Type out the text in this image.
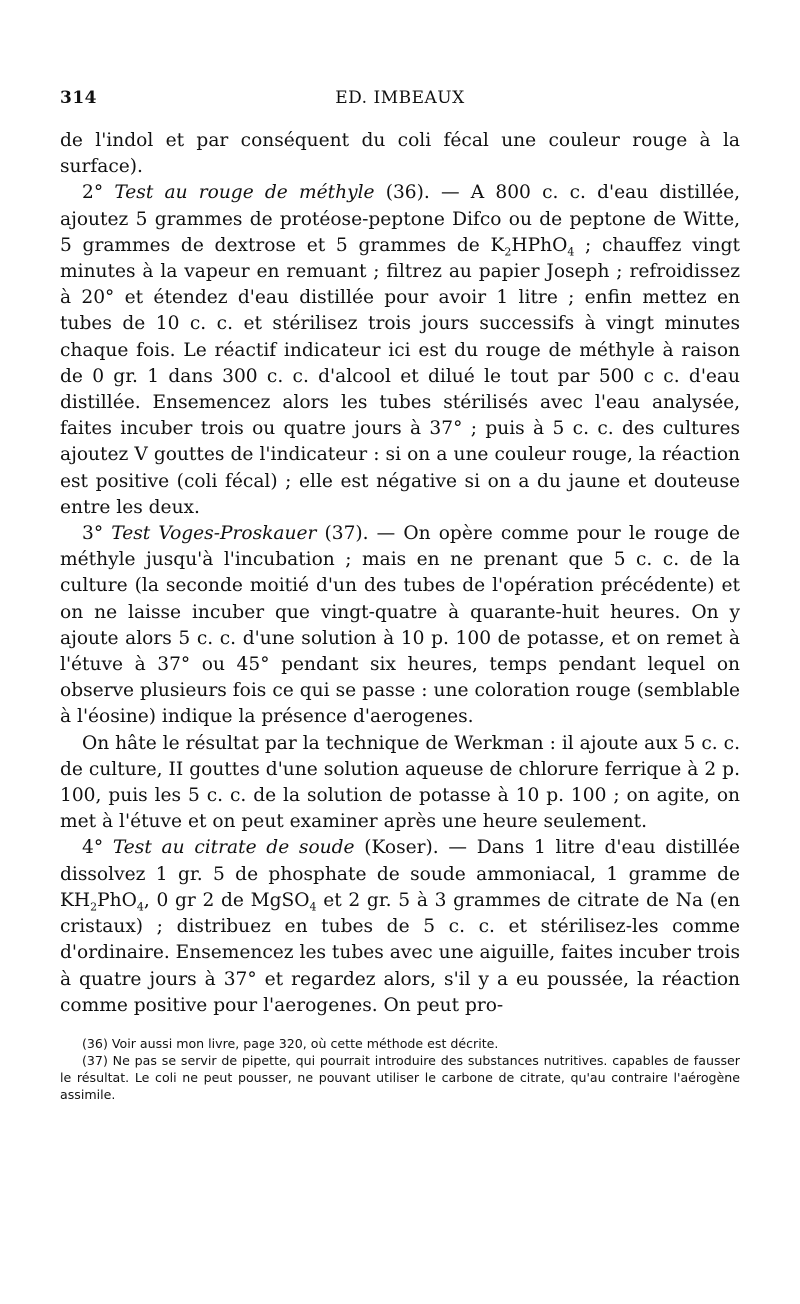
314	ED. IMBEAUX

de l'indol et par conséquent du coli fécal une couleur rouge à la surface).

2° Test au rouge de méthyle (36). — A 800 c. c. d'eau distillée, ajoutez 5 grammes de protéose-peptone Difco ou de peptone de Witte, 5 grammes de dextrose et 5 grammes de $K_2HPhO_4$ ; chauffez vingt minutes à la vapeur en remuant ; filtrez au papier Joseph ; refroidissez à 20° et étendez d'eau distillée pour avoir 1 litre ; enfin mettez en tubes de 10 c. c. et stérilisez trois jours successifs à vingt minutes chaque fois. Le réactif indicateur ici est du rouge de méthyle à raison de 0 gr. 1 dans 300 c. c. d'alcool et dilué le tout par 500 c c. d'eau distillée. Ensemencez alors les tubes stérilisés avec l'eau analysée, faites incuber trois ou quatre jours à 37° ; puis à 5 c. c. des cultures ajoutez V gouttes de l'indicateur : si on a une couleur rouge, la réaction est positive (coli fécal) ; elle est négative si on a du jaune et douteuse entre les deux.

3° Test Voges-Proskauer (37). — On opère comme pour le rouge de méthyle jusqu'à l'incubation ; mais en ne prenant que 5 c. c. de la culture (la seconde moitié d'un des tubes de l'opération précédente) et on ne laisse incuber que vingt-quatre à quarante-huit heures. On y ajoute alors 5 c. c. d'une solution à 10 p. 100 de potasse, et on remet à l'étuve à 37° ou 45° pendant six heures, temps pendant lequel on observe plusieurs fois ce qui se passe : une coloration rouge (semblable à l'éosine) indique la présence d'aerogenes.

On hâte le résultat par la technique de Werkman : il ajoute aux 5 c. c. de culture, II gouttes d'une solution aqueuse de chlorure ferrique à 2 p. 100, puis les 5 c. c. de la solution de potasse à 10 p. 100 ; on agite, on met à l'étuve et on peut examiner après une heure seulement.

4° Test au citrate de soude (Koser). — Dans 1 litre d'eau distillée dissolvez 1 gr. 5 de phosphate de soude ammoniacal, 1 gramme de $KH_2PhO_4$, 0 gr 2 de MgSO$_4$ et 2 gr. 5 à 3 grammes de citrate de Na (en cristaux) ; distribuez en tubes de 5 c. c. et stérilisez-les comme d'ordinaire. Ensemencez les tubes avec une aiguille, faites incuber trois à quatre jours à 37° et regardez alors, s'il y a eu poussée, la réaction comme positive pour l'aerogenes. On peut pro-

(36) Voir aussi mon livre, page 320, où cette méthode est décrite.

(37) Ne pas se servir de pipette, qui pourrait introduire des substances nutritives. capables de fausser le résultat. Le coli ne peut pousser, ne pouvant utiliser le carbone de citrate, qu'au contraire l'aérogène assimile.
